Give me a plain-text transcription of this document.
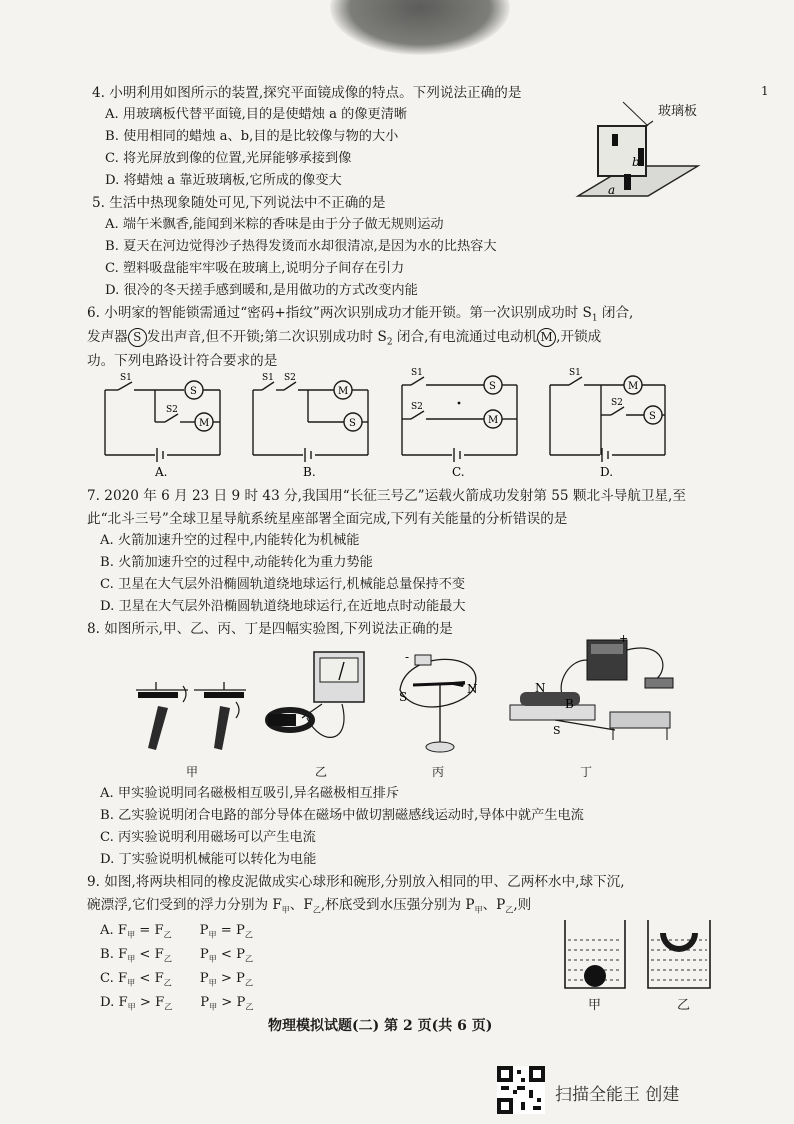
1
4. 小明利用如图所示的装置,探究平面镜成像的特点。下列说法正确的是
A. 用玻璃板代替平面镜,目的是使蜡烛 a 的像更清晰
B. 使用相同的蜡烛 a、b,目的是比较像与物的大小
C. 将光屏放到像的位置,光屏能够承接到像
D. 将蜡烛 a 靠近玻璃板,它所成的像变大
b
a
玻璃板
5. 生活中热现象随处可见,下列说法中不正确的是
A. 端午米飘香,能闻到米粽的香味是由于分子做无规则运动
B. 夏天在河边觉得沙子热得发烫而水却很清凉,是因为水的比热容大
C. 塑料吸盘能牢牢吸在玻璃上,说明分子间存在引力
D. 很冷的冬天搓手感到暖和,是用做功的方式改变内能
6. 小明家的智能锁需通过“密码+指纹”两次识别成功才能开锁。第一次识别成功时 $S_1$ 闭合,
发声器 S 发出声音,但不开锁;第二次识别成功时 $S_2$ 闭合,有电流通过电动机 M ,开锁成
功。下列电路设计符合要求的是
S1
S2
S
M
A.
S1 S2
M
S
B.
S1
S2
S
M
C.
S1
S2
M
S
D.
7. 2020 年 6 月 23 日 9 时 43 分,我国用“长征三号乙”运载火箭成功发射第 55 颗北斗导航卫星,至
此“北斗三号”全球卫星导航系统星座部署全面完成,下列有关能量的分析错误的是
A. 火箭加速升空的过程中,内能转化为机械能
B. 火箭加速升空的过程中,动能转化为重力势能
C. 卫星在大气层外沿椭圆轨道绕地球运行,机械能总量保持不变
D. 卫星在大气层外沿椭圆轨道绕地球运行,在近地点时动能最大
8. 如图所示,甲、乙、丙、丁是四幅实验图,下列说法正确的是
甲	乙
-
N
S
丙
+
N
B
S
丁
A. 甲实验说明同名磁极相互吸引,异名磁极相互排斥
B. 乙实验说明闭合电路的部分导体在磁场中做切割磁感线运动时,导体中就产生电流
C. 丙实验说明利用磁场可以产生电流
D. 丁实验说明机械能可以转化为电能
9. 如图,将两块相同的橡皮泥做成实心球形和碗形,分别放入相同的甲、乙两杯水中,球下沉,
碗漂浮,它们受到的浮力分别为 $F_甲$、$F_乙$,杯底受到水压强分别为 $P_甲$、$P_乙$,则
A. $F_甲 = F_乙$ $P_甲 = P_乙$
B. $F_甲 < F_乙$ $P_甲 < P_乙$
C. $F_甲 < F_乙$ $P_甲 > P_乙$
D. $F_甲 > F_乙$ $P_甲 > P_乙$	甲	乙
物理模拟试题(二) 第 2 页(共 6 页)
扫描全能王 创建
